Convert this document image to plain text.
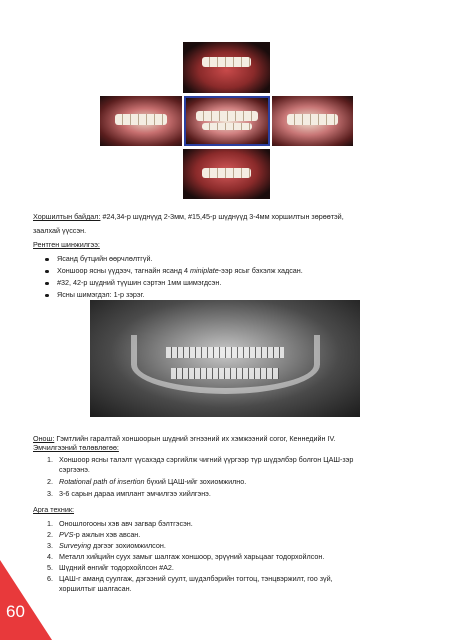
Хоршилтын байдал: #24,34-р шүднүүд 2-3мм, #15,45-р шүднүүд 3-4мм хоршилтын зөрөөтэй,
заалхай үүссэн.
Рентген шинжилгээ:
Ясанд бүтцийн өөрчлөлтгүй.
Хоншоор ясны үүдээч, тагнайн ясанд 4 miniplate-ээр ясыг бэхэлж хадсан.
#32, 42-р шүдний түүшин сэртэн 1мм шимэгдсэн.
Ясны шимэгдэл: 1-р зэрэг.
Онош: Гэмтлийн гаралтай хоншоорын шүдний эгнээний их хэмжээний согог, Кеннедийн IV.
Эмчилгээний төлөвлөгөө:
1. Хоншоор ясны талэлт үүсахэдэ сэргийлж чигний үүргээр түр шүдэлбэр болгон ЦАШ-зэр
сэргээнэ.
2. Rotational path of insertion бүхий ЦАШ-ийг зохиомжилно.
3. 3-6 сарын дараа имплант эмчилгээ хийлгэнэ.
Арга техник:
1. Оношлогооны хэв авч загвар бэлтгэсэн.
2. PVS-р ажлын хэв авсан.
3. Surveying дэгээг зохиомжилсон.
4. Металл хийцийн суух замыг шалгаж хоншоор, эрүүний харьцааг тодорхойлсон.
5. Шүдний өнгийг тодорхойлсон #A2.
6. ЦАШ-г аманд суулгаж, дэгээний суулт, шүдэлбэрийн тогтоц, тэнцвэржилт, гоо зүй,
хоршилтыг шалгасан.
60
